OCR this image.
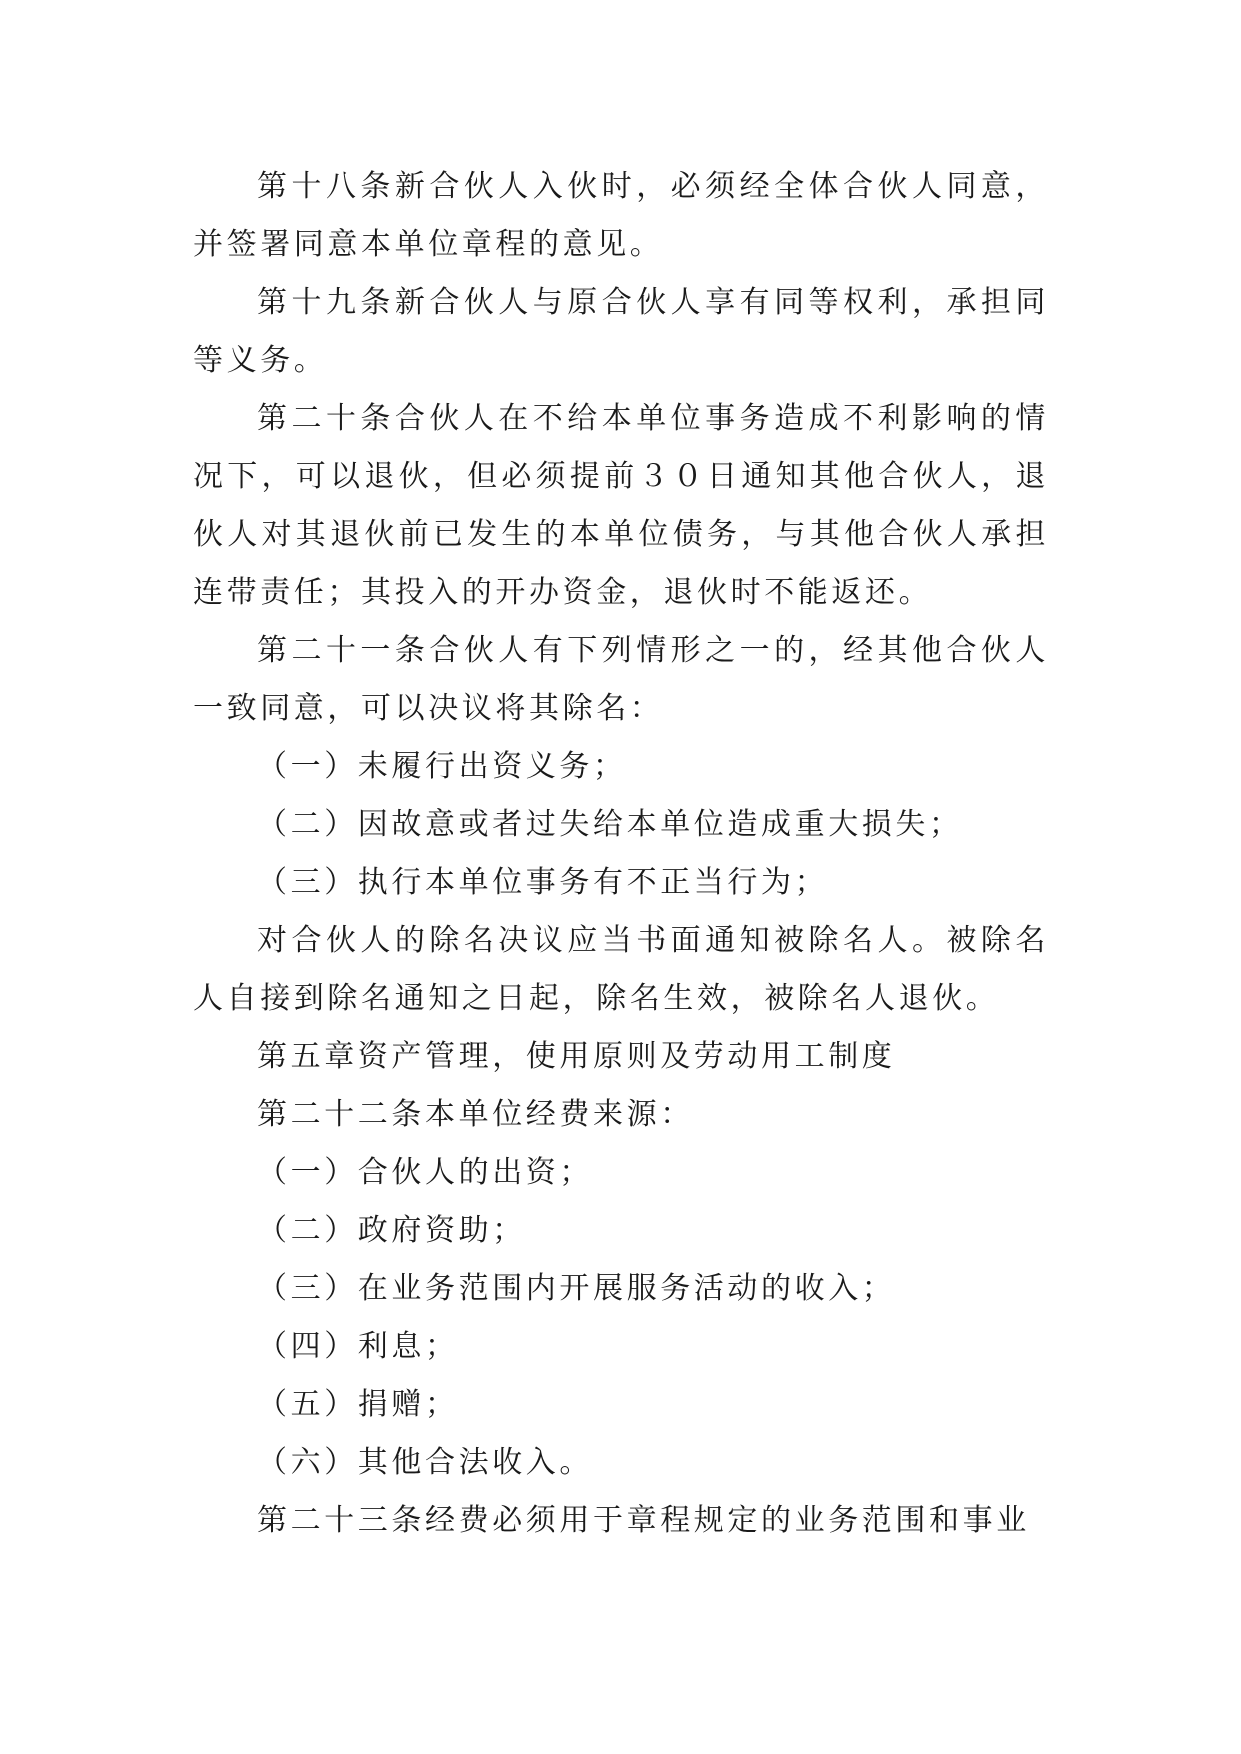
第十八条新合伙人入伙时，必须经全体合伙人同意，并签署同意本单位章程的意见。

第十九条新合伙人与原合伙人享有同等权利，承担同等义务。

第二十条合伙人在不给本单位事务造成不利影响的情况下，可以退伙，但必须提前３０日通知其他合伙人，退伙人对其退伙前已发生的本单位债务，与其他合伙人承担连带责任；其投入的开办资金，退伙时不能返还。

第二十一条合伙人有下列情形之一的，经其他合伙人一致同意，可以决议将其除名：

（一）未履行出资义务；

（二）因故意或者过失给本单位造成重大损失；

（三）执行本单位事务有不正当行为；

对合伙人的除名决议应当书面通知被除名人。被除名人自接到除名通知之日起，除名生效，被除名人退伙。

第五章资产管理，使用原则及劳动用工制度

第二十二条本单位经费来源：

（一）合伙人的出资；

（二）政府资助；

（三）在业务范围内开展服务活动的收入；

（四）利息；

（五）捐赠；

（六）其他合法收入。

第二十三条经费必须用于章程规定的业务范围和事业
